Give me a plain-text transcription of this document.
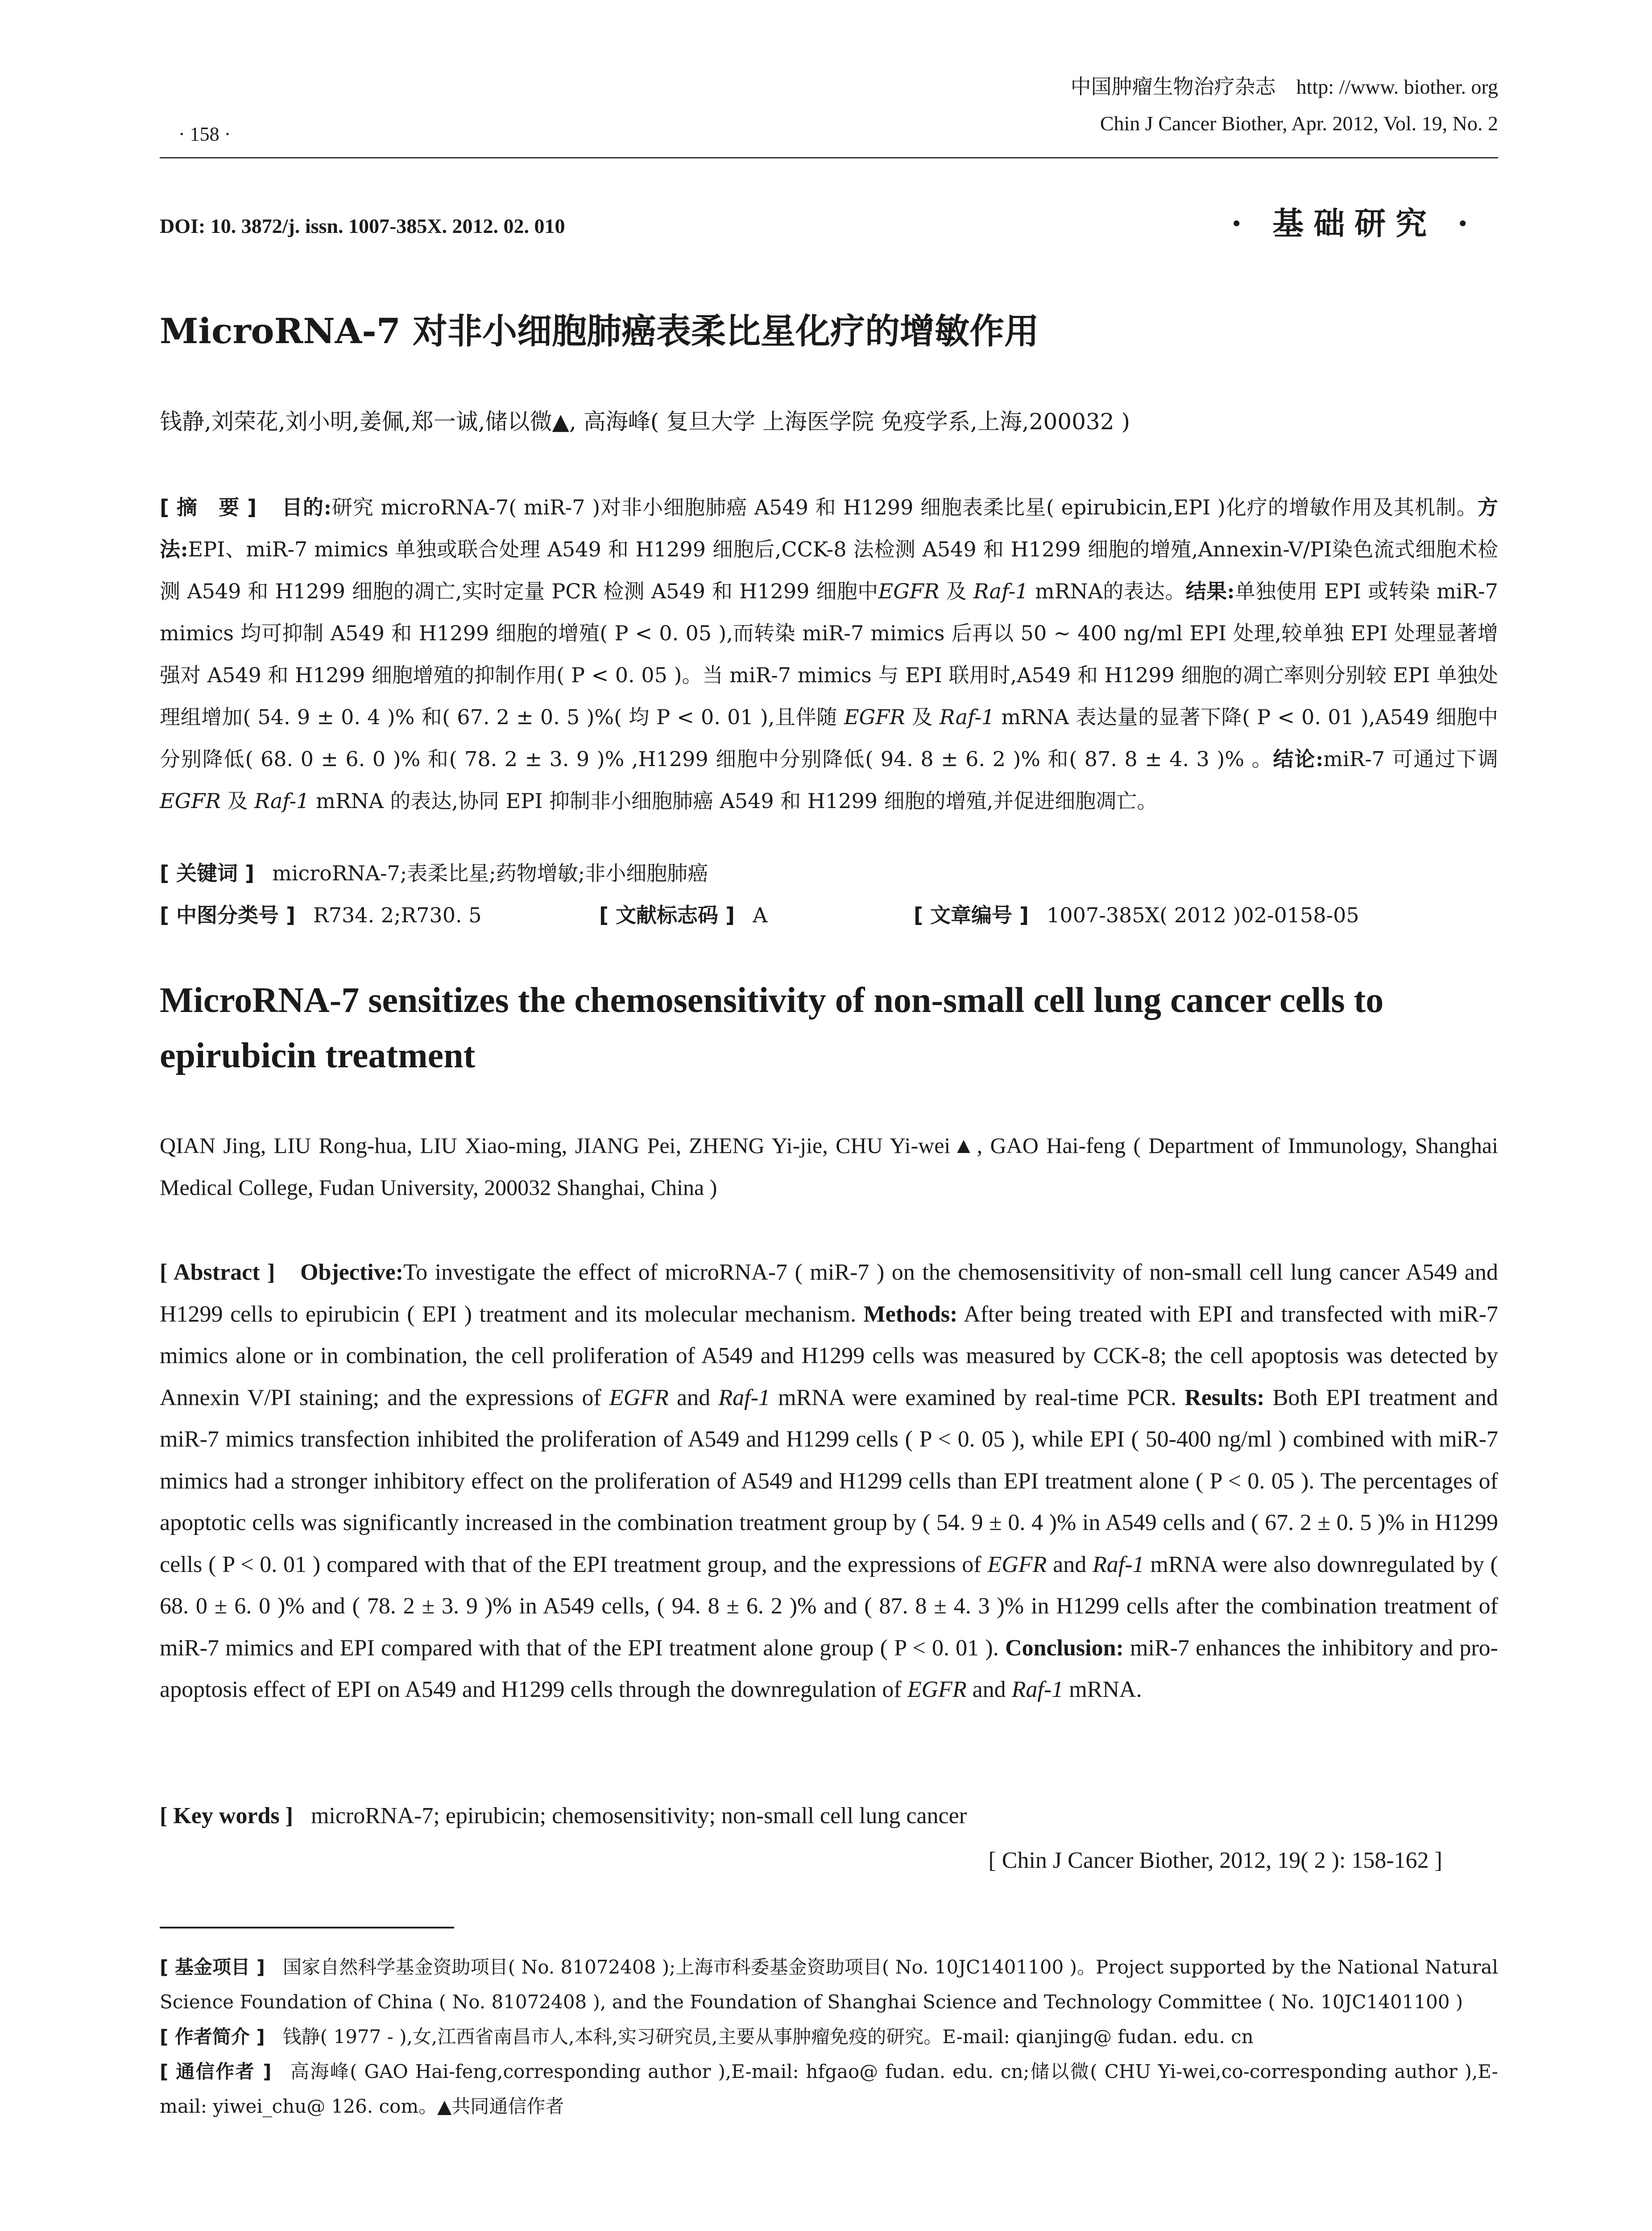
· 158 ·
中国肿瘤生物治疗杂志　http: //www. biother. org
Chin J Cancer Biother, Apr. 2012, Vol. 19, No. 2
DOI: 10. 3872/j. issn. 1007-385X. 2012. 02. 010	· 基础研究 ·
MicroRNA-7 对非小细胞肺癌表柔比星化疗的增敏作用
钱静,刘荣花,刘小明,姜佩,郑一诚,储以微▲, 高海峰( 复旦大学 上海医学院 免疫学系,上海,200032 )
[ 摘　要 ] 目的:研究 microRNA-7( miR-7 )对非小细胞肺癌 A549 和 H1299 细胞表柔比星( epirubicin,EPI )化疗的增敏作用及其机制。方法:EPI、miR-7 mimics 单独或联合处理 A549 和 H1299 细胞后,CCK-8 法检测 A549 和 H1299 细胞的增殖,Annexin-V/PI染色流式细胞术检测 A549 和 H1299 细胞的凋亡,实时定量 PCR 检测 A549 和 H1299 细胞中EGFR 及 Raf-1 mRNA的表达。结果:单独使用 EPI 或转染 miR-7 mimics 均可抑制 A549 和 H1299 细胞的增殖( P < 0. 05 ),而转染 miR-7 mimics 后再以 50 ~ 400 ng/ml EPI 处理,较单独 EPI 处理显著增强对 A549 和 H1299 细胞增殖的抑制作用( P < 0. 05 )。当 miR-7 mimics 与 EPI 联用时,A549 和 H1299 细胞的凋亡率则分别较 EPI 单独处理组增加( 54. 9 ± 0. 4 )% 和( 67. 2 ± 0. 5 )%( 均 P < 0. 01 ),且伴随 EGFR 及 Raf-1 mRNA 表达量的显著下降( P < 0. 01 ),A549 细胞中分别降低( 68. 0 ± 6. 0 )% 和( 78. 2 ± 3. 9 )% ,H1299 细胞中分别降低( 94. 8 ± 6. 2 )% 和( 87. 8 ± 4. 3 )% 。结论:miR-7 可通过下调 EGFR 及 Raf-1 mRNA 的表达,协同 EPI 抑制非小细胞肺癌 A549 和 H1299 细胞的增殖,并促进细胞凋亡。
[ 关键词 ] microRNA-7;表柔比星;药物增敏;非小细胞肺癌
[ 中图分类号 ] R734. 2;R730. 5	[ 文献标志码 ] A	[ 文章编号 ] 1007-385X( 2012 )02-0158-05
MicroRNA-7 sensitizes the chemosensitivity of non-small cell lung cancer cells to epirubicin treatment
QIAN Jing, LIU Rong-hua, LIU Xiao-ming, JIANG Pei, ZHENG Yi-jie, CHU Yi-wei▲, GAO Hai-feng ( Department of Immunology, Shanghai Medical College, Fudan University, 200032 Shanghai, China )
[ Abstract ] Objective:To investigate the effect of microRNA-7 ( miR-7 ) on the chemosensitivity of non-small cell lung cancer A549 and H1299 cells to epirubicin ( EPI ) treatment and its molecular mechanism. Methods: After being treated with EPI and transfected with miR-7 mimics alone or in combination, the cell proliferation of A549 and H1299 cells was measured by CCK-8; the cell apoptosis was detected by Annexin V/PI staining; and the expressions of EGFR and Raf-1 mRNA were examined by real-time PCR. Results: Both EPI treatment and miR-7 mimics transfection inhibited the proliferation of A549 and H1299 cells ( P < 0. 05 ), while EPI ( 50-400 ng/ml ) combined with miR-7 mimics had a stronger inhibitory effect on the proliferation of A549 and H1299 cells than EPI treatment alone ( P < 0. 05 ). The percentages of apoptotic cells was significantly increased in the combination treatment group by ( 54. 9 ± 0. 4 )% in A549 cells and ( 67. 2 ± 0. 5 )% in H1299 cells ( P < 0. 01 ) compared with that of the EPI treatment group, and the expressions of EGFR and Raf-1 mRNA were also downregulated by ( 68. 0 ± 6. 0 )% and ( 78. 2 ± 3. 9 )% in A549 cells, ( 94. 8 ± 6. 2 )% and ( 87. 8 ± 4. 3 )% in H1299 cells after the combination treatment of miR-7 mimics and EPI compared with that of the EPI treatment alone group ( P < 0. 01 ). Conclusion: miR-7 enhances the inhibitory and pro-apoptosis effect of EPI on A549 and H1299 cells through the downregulation of EGFR and Raf-1 mRNA.
[ Key words ] microRNA-7; epirubicin; chemosensitivity; non-small cell lung cancer
[ Chin J Cancer Biother, 2012, 19( 2 ): 158-162 ]
[ 基金项目 ] 国家自然科学基金资助项目( No. 81072408 );上海市科委基金资助项目( No. 10JC1401100 )。Project supported by the National Natural Science Foundation of China ( No. 81072408 ), and the Foundation of Shanghai Science and Technology Committee ( No. 10JC1401100 )
[ 作者简介 ] 钱静( 1977 - ),女,江西省南昌市人,本科,实习研究员,主要从事肿瘤免疫的研究。E-mail: qianjing@ fudan. edu. cn
[ 通信作者 ] 高海峰( GAO Hai-feng,corresponding author ),E-mail: hfgao@ fudan. edu. cn;储以微( CHU Yi-wei,co-corresponding author ),E-mail: yiwei_chu@ 126. com。▲共同通信作者
